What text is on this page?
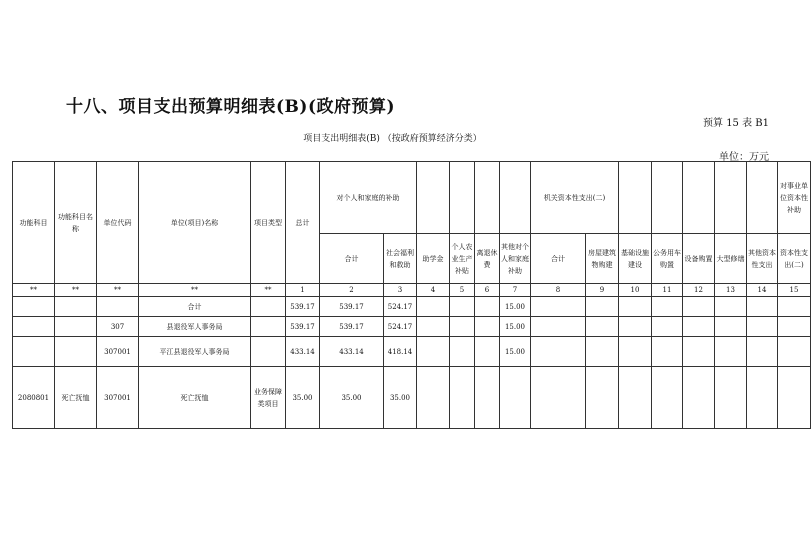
十八、项目支出预算明细表(B)(政府预算)
预算 15 表 B1
项目支出明细表(B) （按政府预算经济分类）
单位：万元
功能科目	功能科目名称	单位代码	单位(项目)名称	项目类型	总计	对个人和家庭的补助						机关资本性支出(二)							对事业单位资本性补助
						合计	社会福利和救助	助学金	个人农业生产补贴	离退休费	其他对个人和家庭补助	合计	房屋建筑物购建	基础设施建设	公务用车购置	设备购置	大型修缮	其他资本性支出	资本性支出(二)
**	**	**	**	**	1	2	3	4	5	6	7	8	9	10	11	12	13	14	15
			合计		539.17	539.17	524.17				15.00								
		307	县退役军人事务局		539.17	539.17	524.17				15.00								
		307001	平江县退役军人事务局		433.14	433.14	418.14				15.00								
2080801	死亡抚恤	307001	死亡抚恤	业务保障类项目	35.00	35.00	35.00												
